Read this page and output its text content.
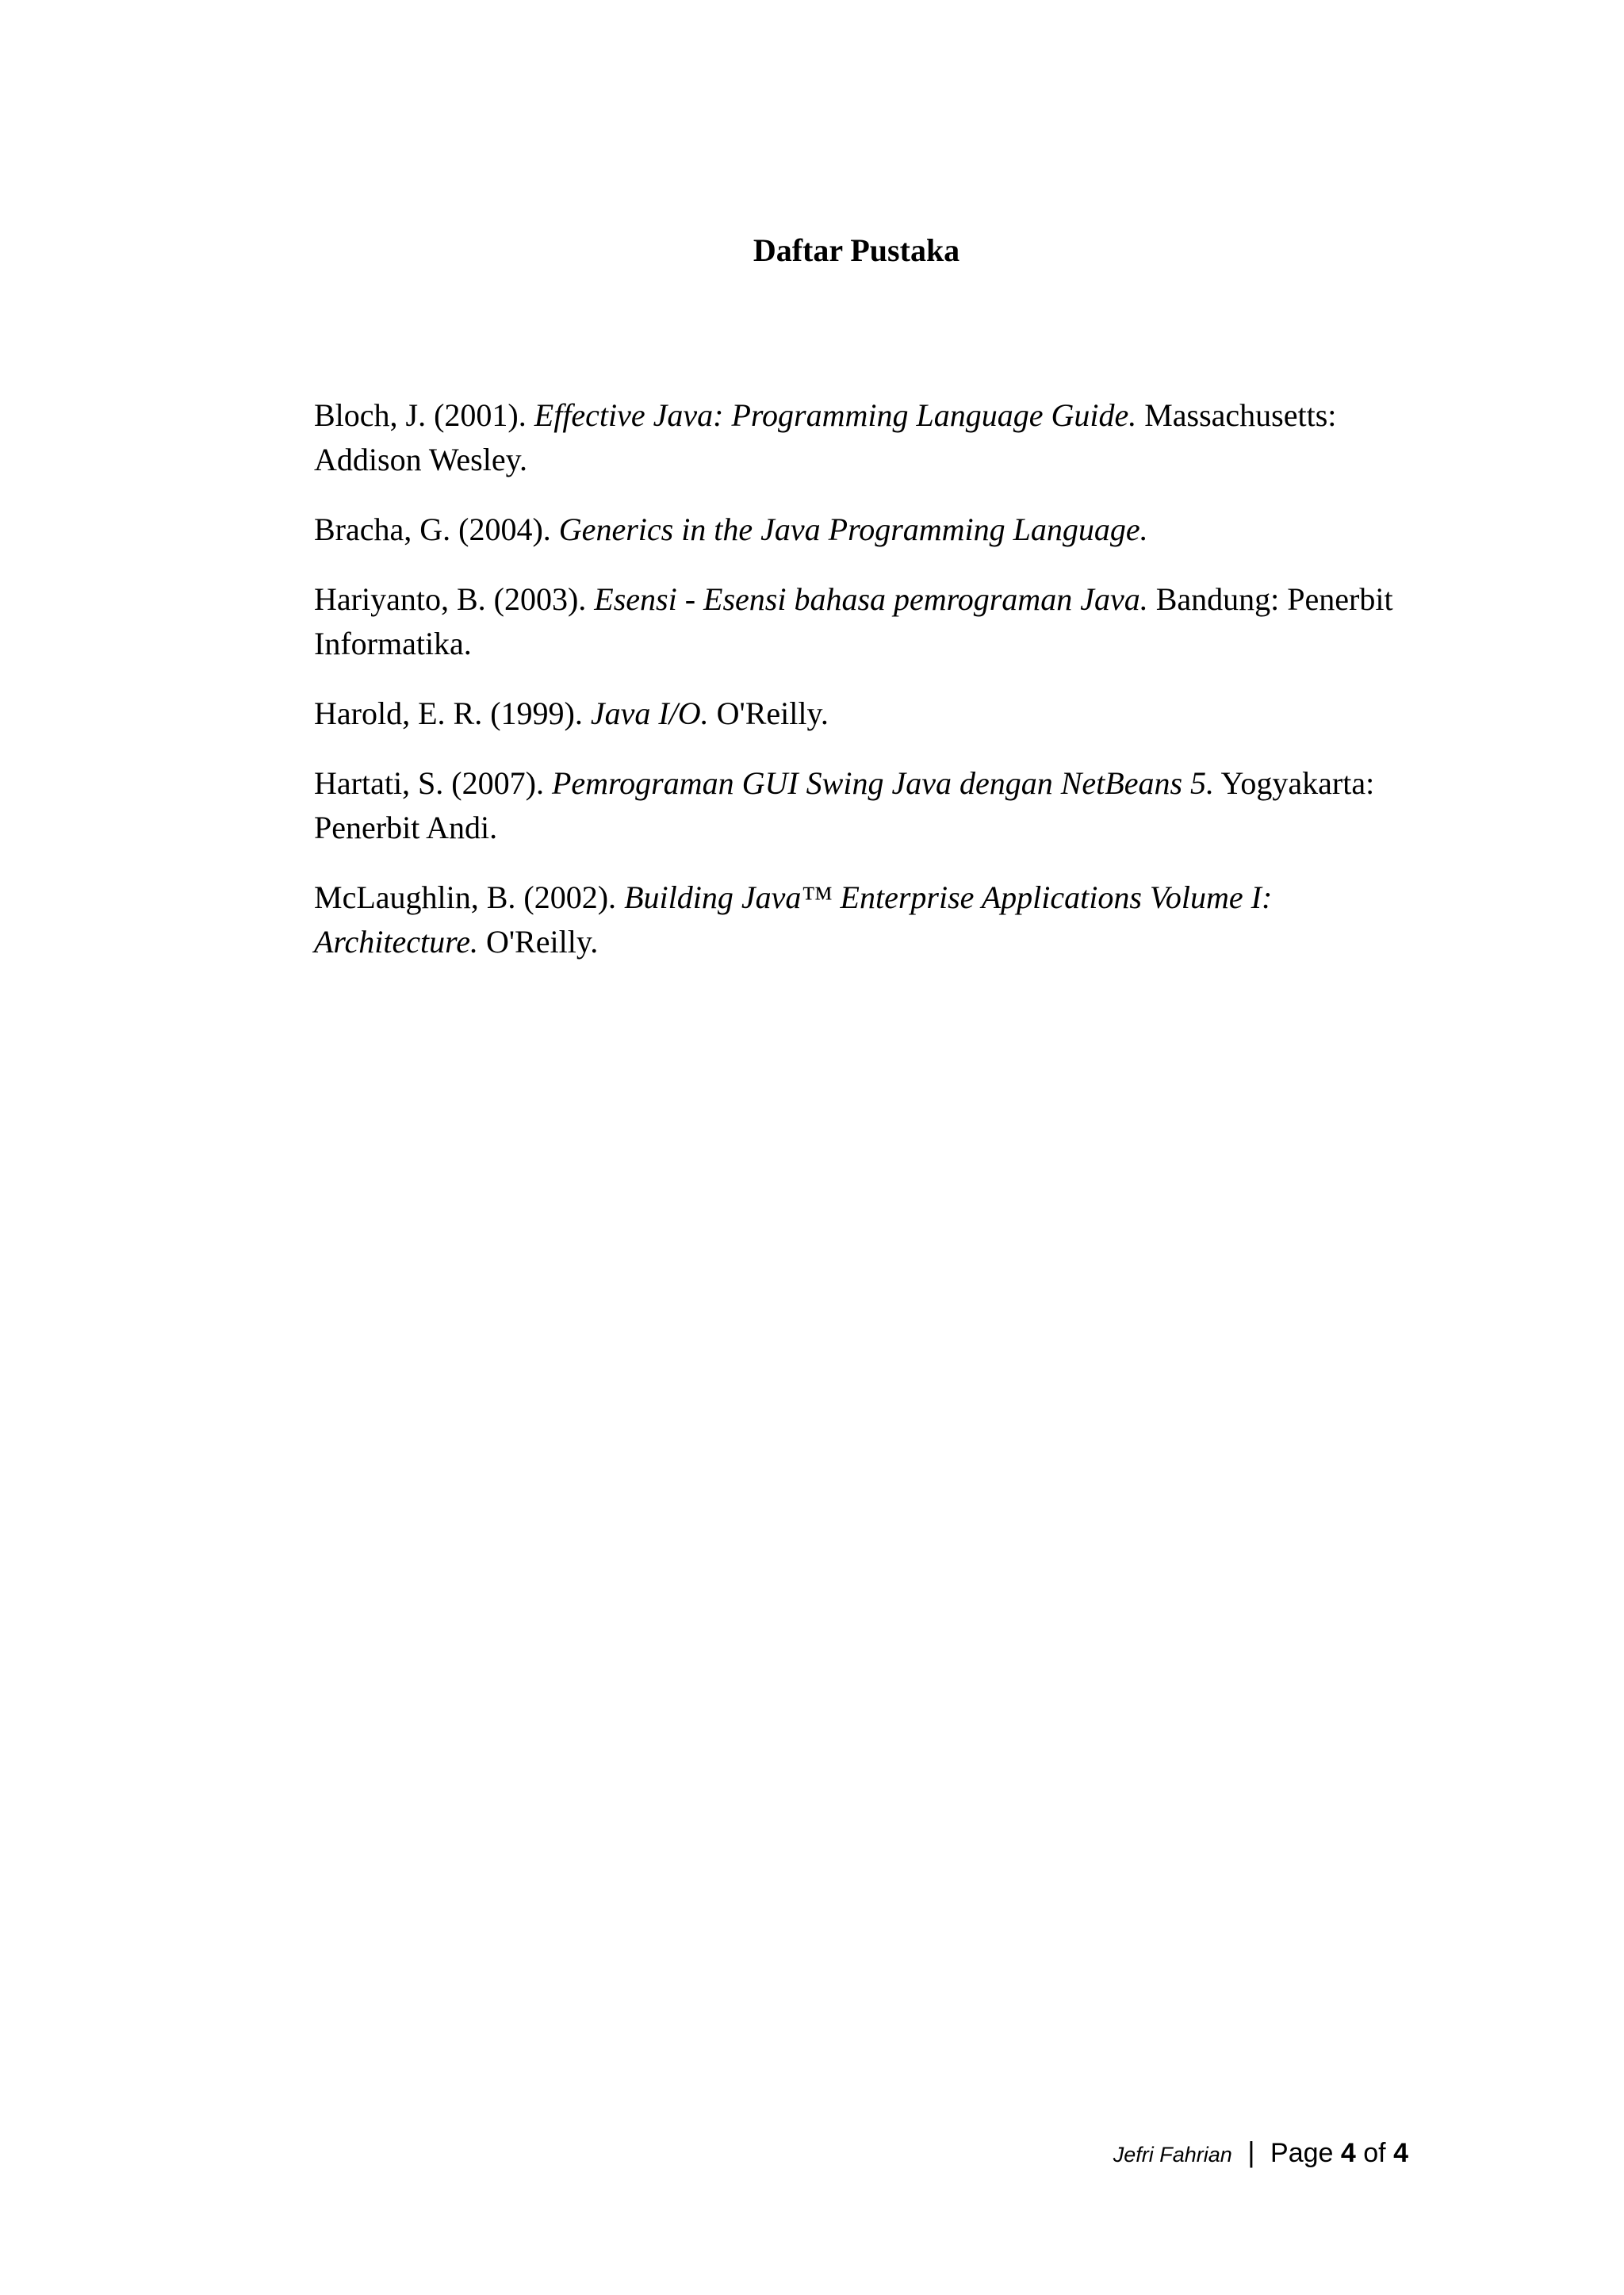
Daftar Pustaka

Bloch, J. (2001). Effective Java: Programming Language Guide. Massachusetts: Addison Wesley.

Bracha, G. (2004). Generics in the Java Programming Language.

Hariyanto, B. (2003). Esensi - Esensi bahasa pemrograman Java. Bandung: Penerbit Informatika.

Harold, E. R. (1999). Java I/O. O'Reilly.

Hartati, S. (2007). Pemrograman GUI Swing Java dengan NetBeans 5. Yogyakarta: Penerbit Andi.

McLaughlin, B. (2002). Building Java™ Enterprise Applications Volume I: Architecture. O'Reilly.

Jefri Fahrian | Page 4 of 4
